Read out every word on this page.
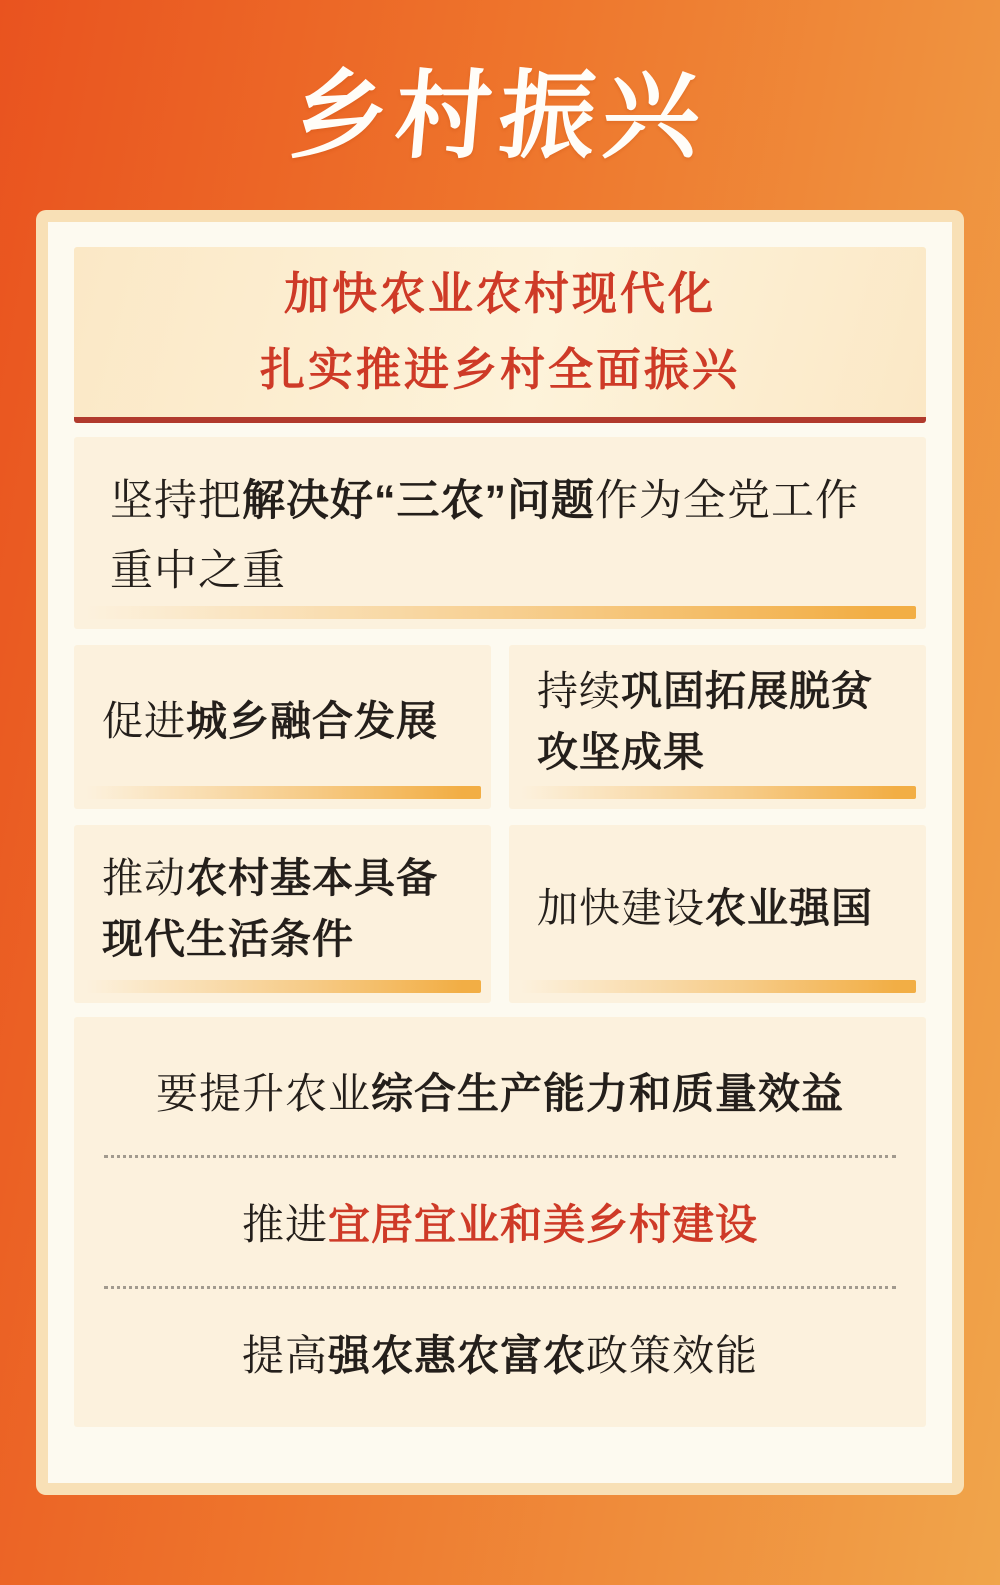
乡村振兴
加快农业农村现代化
扎实推进乡村全面振兴
坚持把解决好“三农”问题作为全党工作重中之重
促进城乡融合发展
持续巩固拓展脱贫攻坚成果
推动农村基本具备现代生活条件
加快建设农业强国
要提升农业综合生产能力和质量效益
推进宜居宜业和美乡村建设
提高强农惠农富农政策效能
